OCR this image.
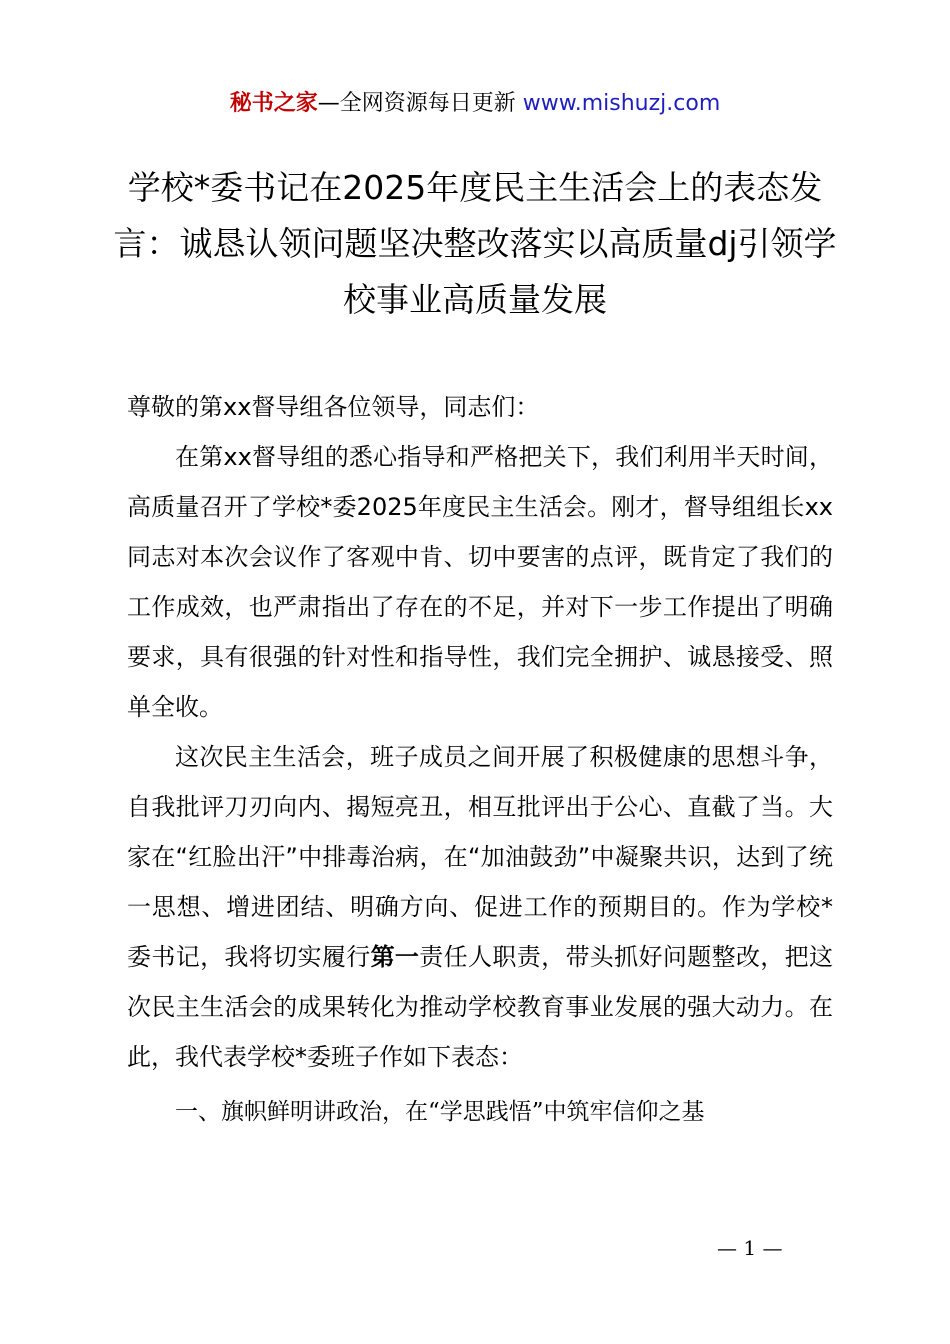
秘书之家—全网资源每日更新 www.mishuzj.com
学校*委书记在2025年度民主生活会上的表态发言：诚恳认领问题坚决整改落实以高质量dj引领学校事业高质量发展

尊敬的第xx督导组各位领导，同志们：

在第xx督导组的悉心指导和严格把关下，我们利用半天时间，高质量召开了学校*委2025年度民主生活会。刚才，督导组组长xx同志对本次会议作了客观中肯、切中要害的点评，既肯定了我们的工作成效，也严肃指出了存在的不足，并对下一步工作提出了明确要求，具有很强的针对性和指导性，我们完全拥护、诚恳接受、照单全收。

这次民主生活会，班子成员之间开展了积极健康的思想斗争，自我批评刀刃向内、揭短亮丑，相互批评出于公心、直截了当。大家在“红脸出汗”中排毒治病，在“加油鼓劲”中凝聚共识，达到了统一思想、增进团结、明确方向、促进工作的预期目的。作为学校*委书记，我将切实履行第一责任人职责，带头抓好问题整改，把这次民主生活会的成果转化为推动学校教育事业发展的强大动力。在此，我代表学校*委班子作如下表态：

一、旗帜鲜明讲政治，在“学思践悟”中筑牢信仰之基

— 1 —
